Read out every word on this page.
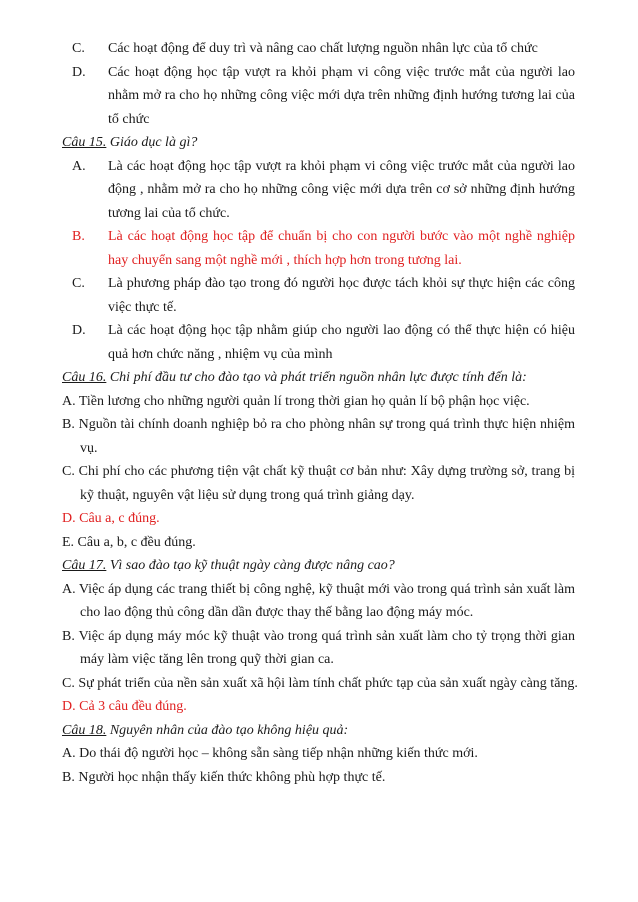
C. Các hoạt động để duy trì và nâng cao chất lượng nguồn nhân lực của tổ chức
D. Các hoạt động học tập vượt ra khỏi phạm vi công việc trước mắt của người lao
nhằm mở ra cho họ những công việc mới dựa trên những định hướng tương lai của
tổ chức
Câu 15. Giáo dục là gì?
A. Là các hoạt động học tập vượt ra khỏi phạm vi công việc trước mắt của người lao
động , nhằm mở ra cho họ những công việc mới dựa trên cơ sở những định hướng
tương lai của tổ chức.
B. Là các hoạt động học tập để chuẩn bị cho con người bước vào một nghề nghiệp
hay chuyển sang một nghề mới , thích hợp hơn trong tương lai.
C. Là phương pháp đào tạo trong đó người học được tách khỏi sự thực hiện các công
việc thực tế.
D. Là các hoạt động học tập nhằm giúp cho người lao động có thể thực hiện có hiệu
quả hơn chức năng , nhiệm vụ của mình
Câu 16. Chi phí đầu tư cho đào tạo và phát triển nguồn nhân lực được tính đến là:
A. Tiền lương cho những người quản lí trong thời gian họ quản lí bộ phận học việc.
B. Nguồn tài chính doanh nghiệp bỏ ra cho phòng nhân sự trong quá trình thực hiện nhiệm
vụ.
C. Chi phí cho các phương tiện vật chất kỹ thuật cơ bản như: Xây dựng trường sở, trang bị
kỹ thuật, nguyên vật liệu sử dụng trong quá trình giảng dạy.
D. Câu a, c đúng.
E. Câu a, b, c đều đúng.
Câu 17. Vì sao đào tạo kỹ thuật ngày càng được nâng cao?
A. Việc áp dụng các trang thiết bị công nghệ, kỹ thuật mới vào trong quá trình sản xuất làm
cho lao động thủ công dần dần được thay thế bằng lao động máy móc.
B. Việc áp dụng máy móc kỹ thuật vào trong quá trình sản xuất làm cho tỷ trọng thời gian
máy làm việc tăng lên trong quỹ thời gian ca.
C. Sự phát triển của nền sản xuất xã hội làm tính chất phức tạp của sản xuất ngày càng tăng.
D. Cả 3 câu đều đúng.
Câu 18. Nguyên nhân của đào tạo không hiệu quả:
A. Do thái độ người học – không sẵn sàng tiếp nhận những kiến thức mới.
B. Người học nhận thấy kiến thức không phù hợp thực tế.
